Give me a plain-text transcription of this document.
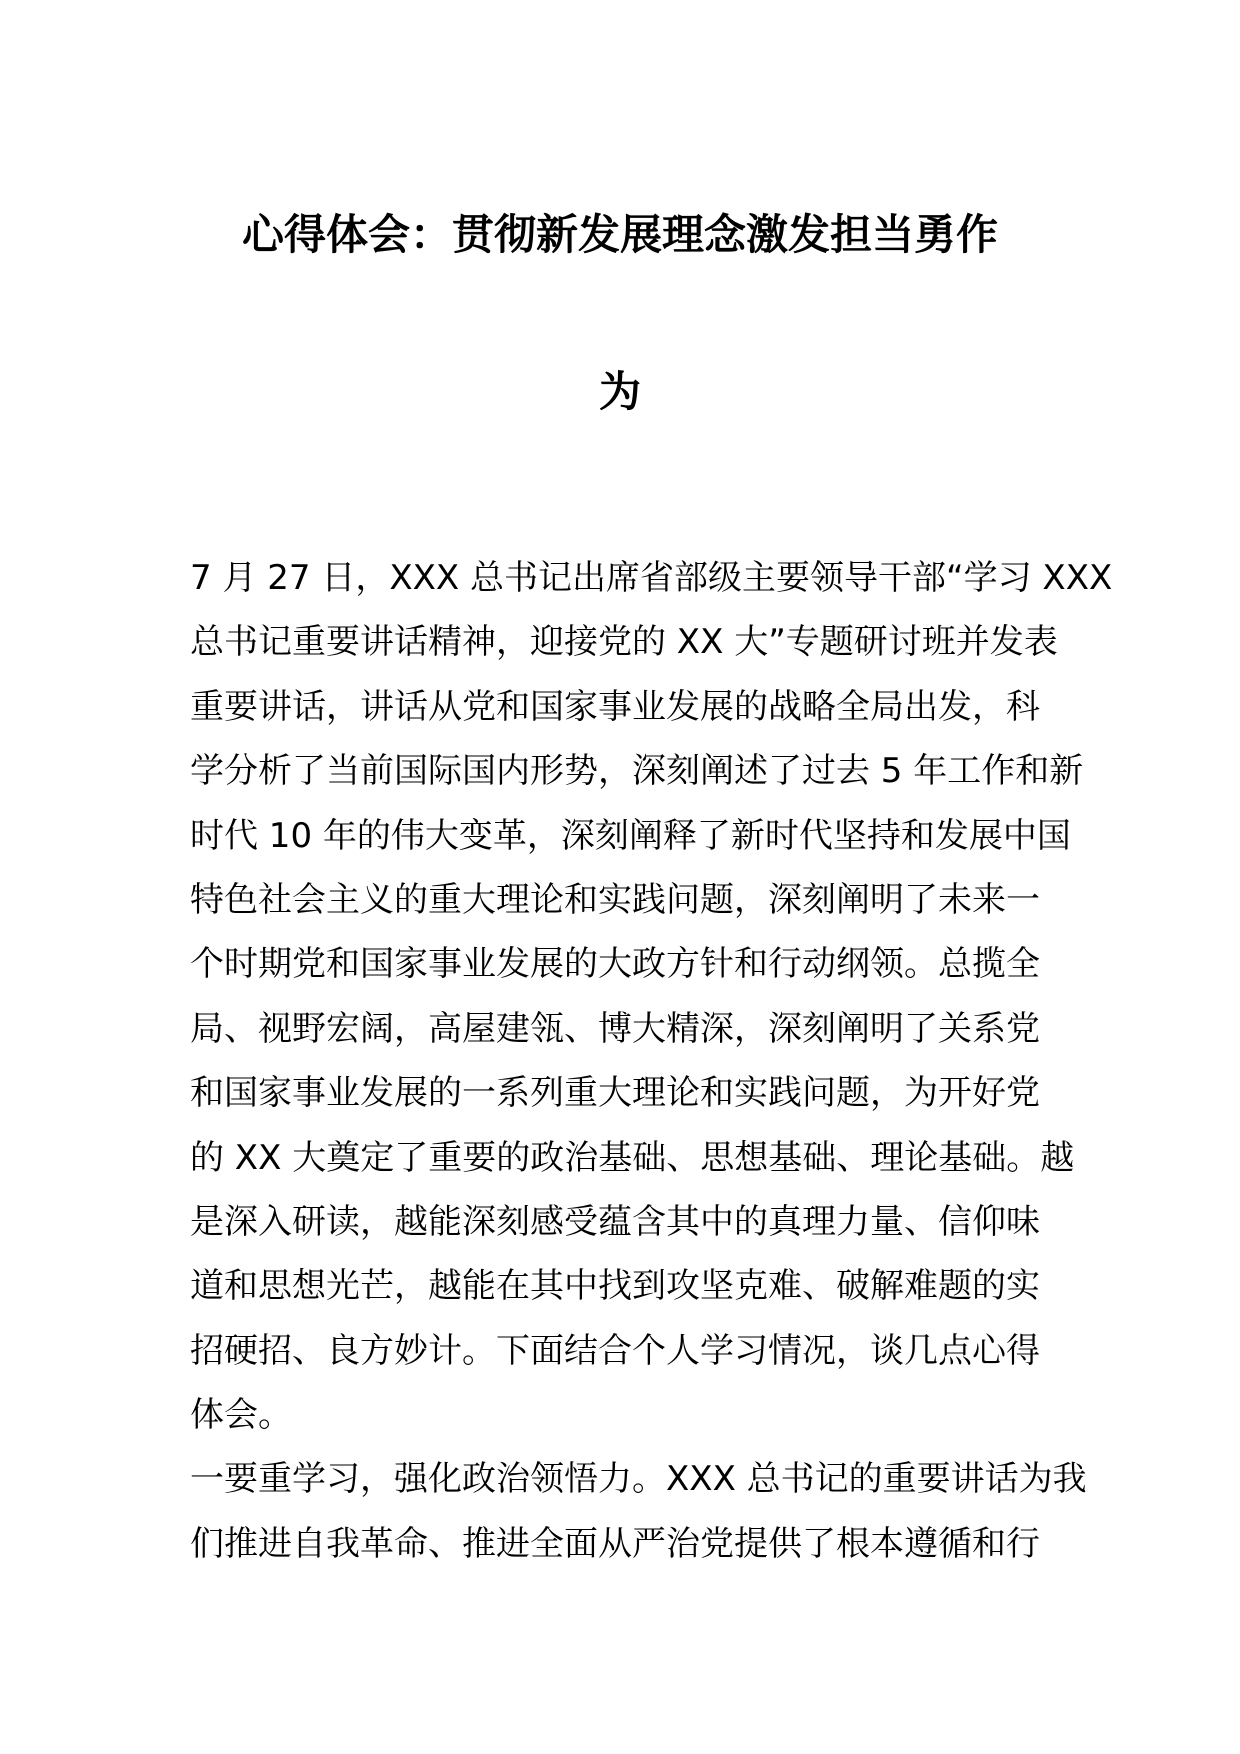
心得体会：贯彻新发展理念激发担当勇作
为
7 月 27 日，XXX 总书记出席省部级主要领导干部“学习 XXX
总书记重要讲话精神，迎接党的 XX 大”专题研讨班并发表
重要讲话，讲话从党和国家事业发展的战略全局出发，科
学分析了当前国际国内形势，深刻阐述了过去 5 年工作和新
时代 10 年的伟大变革，深刻阐释了新时代坚持和发展中国
特色社会主义的重大理论和实践问题，深刻阐明了未来一
个时期党和国家事业发展的大政方针和行动纲领。总揽全
局、视野宏阔，高屋建瓴、博大精深，深刻阐明了关系党
和国家事业发展的一系列重大理论和实践问题，为开好党
的 XX 大奠定了重要的政治基础、思想基础、理论基础。越
是深入研读，越能深刻感受蕴含其中的真理力量、信仰味
道和思想光芒，越能在其中找到攻坚克难、破解难题的实
招硬招、良方妙计。下面结合个人学习情况，谈几点心得
体会。
一要重学习，强化政治领悟力。XXX 总书记的重要讲话为我
们推进自我革命、推进全面从严治党提供了根本遵循和行
